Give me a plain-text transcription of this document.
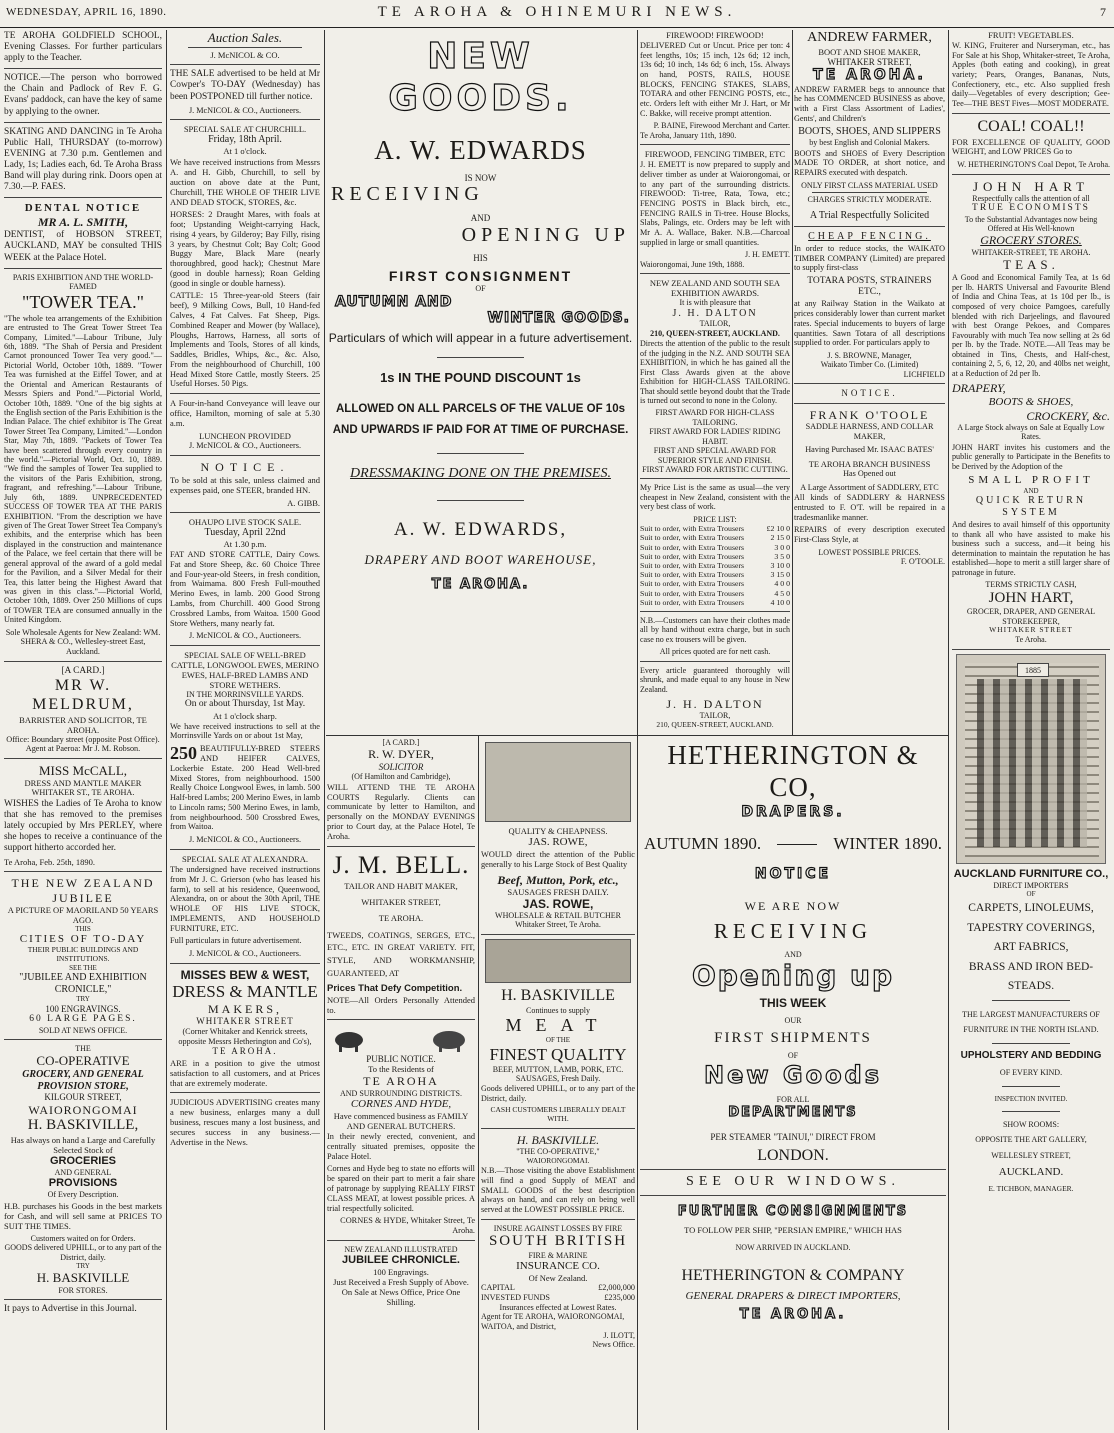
WEDNESDAY, APRIL 16, 1890.	TE AROHA & OHINEMURI NEWS.	7

TE AROHA GOLDFIELD SCHOOL, Evening Classes. For further particulars apply to the Teacher.

NOTICE.—The person who borrowed the Chain and Padlock of Rev F. G. Evans' paddock, can have the key of same by applying to the owner.

SKATING AND DANCING in Te Aroha Public Hall, THURSDAY (to-morrow) EVENING at 7.30 p.m. Gentlemen and Lady, 1s; Ladies each, 6d. Te Aroha Brass Band will play during rink. Doors open at 7.30.—P. FAES.

DENTAL NOTICE
MR A. L. SMITH,

DENTIST, of HOBSON STREET, AUCKLAND, MAY be consulted THIS WEEK at the Palace Hotel.

PARIS EXHIBITION AND THE WORLD-FAMED
"TOWER TEA."

"The whole tea arrangements of the Exhibition are entrusted to The Great Tower Street Tea Company, Limited."—Labour Tribune, July 6th, 1889. "The Shah of Persia and President Carnot pronounced Tower Tea very good."—Pictorial World, October 10th, 1889. "Tower Tea was furnished at the Eiffel Tower, and at the Oriental and American Restaurants of Messrs Spiers and Pond."—Pictorial World, October 10th, 1889. "One of the big sights at the English section of the Paris Exhibition is the Indian Palace. The chief exhibitor is The Great Tower Street Tea Company, Limited."—London Star, May 7th, 1889. "Packets of Tower Tea have been scattered through every country in the world."—Pictorial World, Oct. 10, 1889. "We find the samples of Tower Tea supplied to the visitors of the Paris Exhibition, strong, fragrant, and refreshing."—Labour Tribune, July 6th, 1889. UNPRECEDENTED SUCCESS OF TOWER TEA AT THE PARIS EXHIBITION. "From the description we have given of The Great Tower Street Tea Company's exhibits, and the enterprise which has been displayed in the construction and maintenance of the Palace, we feel certain that there will be general approval of the award of a gold medal for the Pavilion, and a Silver Medal for their Tea, this latter being the Highest Award that was given in this class."—Pictorial World, October 10th, 1889. Over 250 Millions of cups of TOWER TEA are consumed annually in the United Kingdom.

Sole Wholesale Agents for New Zealand: WM. SHERA & CO., Wellesley-street East, Auckland.

[A CARD.]
MR W. MELDRUM,
BARRISTER AND SOLICITOR, TE AROHA.
Office: Boundary street (opposite Post Office).
Agent at Paeroa: Mr J. M. Robson.
MISS McCALL,
DRESS AND MANTLE MAKER
WHITAKER ST., TE AROHA.

WISHES the Ladies of Te Aroha to know that she has removed to the premises lately occupied by Mrs PERLEY, where she hopes to receive a continuance of the support hitherto accorded her.

Te Aroha, Feb. 25th, 1890.
THE NEW ZEALAND JUBILEE
A PICTURE OF MAORILAND 50 YEARS AGO.
THIS
CITIES OF TO-DAY
THEIR PUBLIC BUILDINGS AND INSTITUTIONS.
SEE THE
"JUBILEE AND EXHIBITION CRONICLE,"
TRY
100 ENGRAVINGS.
60 LARGE PAGES.
SOLD AT NEWS OFFICE.
THE
CO-OPERATIVE
GROCERY, AND GENERAL PROVISION STORE,
KILGOUR STREET,
WAIORONGOMAI
H. BASKIVILLE,
Has always on hand a Large and Carefully Selected Stock of
GROCERIES
AND GENERAL
PROVISIONS
Of Every Description.

H.B. purchases his Goods in the best markets for Cash, and will sell same at PRICES TO SUIT THE TIMES.

Customers waited on for Orders.
GOODS delivered UPHILL, or to any part of the District, daily.
TRY
H. BASKIVILLE
FOR STORES.
It pays to Advertise in this Journal.
Auction Sales.
J. McNICOL & CO.

THE SALE advertised to be held at Mr Cowper's TO-DAY (Wednesday) has been POSTPONED till further notice.

J. McNICOL & CO., Auctioneers.
SPECIAL SALE AT CHURCHILL.
Friday, 18th April.
At 1 o'clock.

We have received instructions from Messrs A. and H. Gibb, Churchill, to sell by auction on above date at the Punt, Churchill, THE WHOLE OF THEIR LIVE AND DEAD STOCK, STORES, &c.

HORSES: 2 Draught Mares, with foals at foot; Upstanding Weight-carrying Hack, rising 4 years, by Gilderoy; Bay Filly, rising 3 years, by Chestnut Colt; Bay Colt; Good Buggy Mare, Black Mare (nearly thoroughbred, good hack); Chestnut Mare (good in double harness); Roan Gelding (good in single or double harness).

CATTLE: 15 Three-year-old Steers (fair beef), 9 Milking Cows, Bull, 10 Hand-fed Calves, 4 Fat Calves. Fat Sheep, Pigs. Combined Reaper and Mower (by Wallace), Ploughs, Harrows, Harness, all sorts of Implements and Tools, Stores of all kinds, Saddles, Bridles, Whips, &c., &c. Also, From the neighbourhood of Churchill, 100 Head Mixed Store Cattle, mostly Steers. 25 Useful Horses. 50 Pigs.

A Four-in-hand Conveyance will leave our office, Hamilton, morning of sale at 5.30 a.m.

LUNCHEON PROVIDED
J. McNICOL & CO., Auctioneers.
NOTICE.

To be sold at this sale, unless claimed and expenses paid, one STEER, branded HN.

A. GIBB.
OHAUPO LIVE STOCK SALE.
Tuesday, April 22nd
At 1.30 p.m.

FAT AND STORE CATTLE, Dairy Cows. Fat and Store Sheep, &c. 60 Choice Three and Four-year-old Steers, in fresh condition, from Waimama. 800 Fresh Full-mouthed Merino Ewes, in lamb. 200 Good Strong Lambs, from Churchill. 400 Good Strong Crossbred Lambs, from Waitoa. 1500 Good Store Wethers, many nearly fat.

J. McNICOL & CO., Auctioneers.
SPECIAL SALE OF WELL-BRED CATTLE, LONGWOOL EWES, MERINO EWES, HALF-BRED LAMBS AND STORE WETHERS.
IN THE MORRINSVILLE YARDS.
On or about Thursday, 1st May.
At 1 o'clock sharp.

We have received instructions to sell at the Morrinsville Yards on or about 1st May,

250 BEAUTIFULLY-BRED STEERS AND HEIFER CALVES, Lockerbie Estate. 200 Head Well-bred Mixed Stores, from neighbourhood. 1500 Really Choice Longwool Ewes, in lamb. 500 Half-bred Lambs; 200 Merino Ewes, in lamb to Lincoln rams; 500 Merino Ewes, in lamb, from neighbourhood. 500 Crossbred Ewes, from Waitoa.

J. McNICOL & CO., Auctioneers.
SPECIAL SALE AT ALEXANDRA.

The undersigned have received instructions from Mr J. C. Grierson (who has leased his farm), to sell at his residence, Queenwood, Alexandra, on or about the 30th April, THE WHOLE OF HIS LIVE STOCK, IMPLEMENTS, AND HOUSEHOLD FURNITURE, ETC.

Full particulars in future advertisement.

J. McNICOL & CO., Auctioneers.
MISSES BEW & WEST,
DRESS & MANTLE
MAKERS,
WHITAKER STREET
(Corner Whitaker and Kenrick streets, opposite Messrs Hetherington and Co's),
TE AROHA.

ARE in a position to give the utmost satisfaction to all customers, and at Prices that are extremely moderate.

JUDICIOUS ADVERTISING creates many a new business, enlarges many a dull business, rescues many a lost business, and secures success in any business.—Advertise in the News.

NEW GOODS.
A. W. EDWARDS
IS NOW
RECEIVING
AND
OPENING UP
HIS
FIRST CONSIGNMENT
OF
AUTUMN AND
WINTER GOODS.
Particulars of which will appear in a future advertisement.
1s IN THE POUND DISCOUNT 1s
ALLOWED ON ALL PARCELS OF THE VALUE OF 10s AND UPWARDS IF PAID FOR AT TIME OF PURCHASE.
DRESSMAKING DONE ON THE PREMISES.
A. W. EDWARDS,
DRAPERY AND BOOT WAREHOUSE,
TE AROHA.
[A CARD.]
R. W. DYER,
SOLICITOR
(Of Hamilton and Cambridge),

WILL ATTEND THE TE AROHA COURTS Regularly. Clients can communicate by letter to Hamilton, and personally on the MONDAY EVENINGS prior to Court day, at the Palace Hotel, Te Aroha.

J. M. BELL.
TAILOR AND HABIT MAKER,
WHITAKER STREET,
TE AROHA.

TWEEDS, COATINGS, SERGES, ETC., ETC., ETC. IN GREAT VARIETY. FIT, STYLE, AND WORKMANSHIP, GUARANTEED, AT

Prices That Defy Competition.

NOTE—All Orders Personally Attended to.

PUBLIC NOTICE.
To the Residents of
TE AROHA
AND SURROUNDING DISTRICTS.
CORNES AND HYDE,
Have commenced business as FAMILY AND GENERAL BUTCHERS.

In their newly erected, convenient, and centrally situated premises, opposite the Palace Hotel.

Cornes and Hyde beg to state no efforts will be spared on their part to merit a fair share of patronage by supplying REALLY FIRST CLASS MEAT, at lowest possible prices. A trial respectfully solicited.

CORNES & HYDE, Whitaker Street, Te Aroha.
NEW ZEALAND ILLUSTRATED
JUBILEE CHRONICLE.
100 Engravings.
Just Received a Fresh Supply of Above. On Sale at News Office, Price One Shilling.
QUALITY & CHEAPNESS.
JAS. ROWE,

WOULD direct the attention of the Public generally to his Large Stock of Best Quality

Beef, Mutton, Pork, etc.,
SAUSAGES FRESH DAILY.
JAS. ROWE,
WHOLESALE & RETAIL BUTCHER
Whitaker Street, Te Aroha.
H. BASKIVILLE
Continues to supply
MEAT
OF THE
FINEST QUALITY
BEEF, MUTTON, LAMB, PORK, ETC. SAUSAGES, Fresh Daily.

Goods delivered UPHILL, or to any part of the District, daily.

CASH CUSTOMERS LIBERALLY DEALT WITH.
H. BASKIVILLE.
"THE CO-OPERATIVE,"
WAIORONGOMAI.

N.B.—Those visiting the above Establishment will find a good Supply of MEAT and SMALL GOODS of the best description always on hand, and can rely on being well served at the LOWEST POSSIBLE PRICE.

INSURE AGAINST LOSSES BY FIRE
SOUTH BRITISH
FIRE & MARINE
INSURANCE CO.
Of New Zealand.
CAPITAL	£2,000,000
INVESTED FUNDS	£235,000
Insurances effected at Lowest Rates.
Agent for TE AROHA, WAIORONGOMAI, WAITOA, and District,
J. ILOTT,
News Office.
FIREWOOD! FIREWOOD!

DELIVERED Cut or Uncut. Price per ton: 4 feet lengths, 10s; 15 inch, 12s 6d; 12 inch, 13s 6d; 10 inch, 14s 6d; 6 inch, 15s. Always on hand, POSTS, RAILS, HOUSE BLOCKS, FENCING STAKES, SLABS, TOTARA and other FENCING POSTS, etc., etc. Orders left with either Mr J. Hart, or Mr C. Bakke, will receive prompt attention.

P. BAINE, Firewood Merchant and Carter.
Te Aroha, January 11th, 1890.
FIREWOOD, FENCING TIMBER, ETC

J. H. EMETT is now prepared to supply and deliver timber as under at Waiorongomai, or to any part of the surrounding districts. FIREWOOD: Ti-tree, Rata, Towa, etc.; FENCING POSTS in Black birch, etc., FENCING RAILS in Ti-tree. House Blocks, Slabs, Palings, etc. Orders may be left with Mr A. A. Wallace, Baker. N.B.—Charcoal supplied in large or small quantities.

J. H. EMETT.
Waiorongomai, June 19th, 1888.
NEW ZEALAND AND SOUTH SEA EXHIBITION AWARDS.
It is with pleasure that
J. H. DALTON
TAILOR,
210, QUEEN-STREET, AUCKLAND.

Directs the attention of the public to the result of the judging in the N.Z. AND SOUTH SEA EXHIBITION, in which he has gained all the First Class Awards given at the above Exhibition for HIGH-CLASS TAILORING. That should settle beyond doubt that the Trade is turned out second to none in the Colony.

FIRST AWARD FOR HIGH-CLASS TAILORING.
FIRST AWARD FOR LADIES' RIDING HABIT.
FIRST AND SPECIAL AWARD FOR SUPERIOR STYLE AND FINISH.
FIRST AWARD FOR ARTISTIC CUTTING.

My Price List is the same as usual—the very cheapest in New Zealand, consistent with the very best class of work.

PRICE LIST:
Suit to order, with Extra Trousers	£2 10 0
Suit to order, with Extra Trousers	2 15 0
Suit to order, with Extra Trousers	3 0 0
Suit to order, with Extra Trousers	3 5 0
Suit to order, with Extra Trousers	3 10 0
Suit to order, with Extra Trousers	3 15 0
Suit to order, with Extra Trousers	4 0 0
Suit to order, with Extra Trousers	4 5 0
Suit to order, with Extra Trousers	4 10 0

N.B.—Customers can have their clothes made all by hand without extra charge, but in such case no ex trousers will be given.

All prices quoted are for nett cash.

Every article guaranteed thoroughly will shrunk, and made equal to any house in New Zealand.

J. H. DALTON
TAILOR,
210, QUEEN-STREET, AUCKLAND.
ANDREW FARMER,
BOOT AND SHOE MAKER,
WHITAKER STREET,
TE AROHA.

ANDREW FARMER begs to announce that he has COMMENCED BUSINESS as above, with a First Class Assortment of Ladies', Gents', and Children's

BOOTS, SHOES, AND SLIPPERS
by best English and Colonial Makers.

BOOTS and SHOES of Every Description MADE TO ORDER, at short notice, and REPAIRS executed with despatch.

ONLY FIRST CLASS MATERIAL USED
CHARGES STRICTLY MODERATE.
A Trial Respectfully Solicited
CHEAP FENCING.

In order to reduce stocks, the WAIKATO TIMBER COMPANY (Limited) are prepared to supply first-class

TOTARA POSTS, STRAINERS
ETC.,

at any Railway Station in the Waikato at prices considerably lower than current market rates. Special inducements to buyers of large quantities. Sawn Totara of all descriptions supplied to order. For particulars apply to

J. S. BROWNE, Manager,
Waikato Timber Co. (Limited)
LICHFIELD
NOTICE.
FRANK O'TOOLE
SADDLE HARNESS, AND COLLAR MAKER,
Having Purchased Mr. ISAAC BATES'
TE AROHA BRANCH BUSINESS
Has Opened out
A Large Assortment of SADDLERY, ETC

All kinds of SADDLERY & HARNESS entrusted to F. O'T. will be repaired in a tradesmanlike manner.

REPAIRS of every description executed First-Class Style, at

LOWEST POSSIBLE PRICES.
F. O'TOOLE.
HETHERINGTON & CO,
DRAPERS.
AUTUMN 1890.	WINTER 1890.
NOTICE
WE ARE NOW
RECEIVING
AND
Opening up
THIS WEEK
OUR
FIRST SHIPMENTS
OF
New Goods
FOR ALL
DEPARTMENTS
PER STEAMER "TAINUI," DIRECT FROM
LONDON.
SEE OUR WINDOWS.
FURTHER CONSIGNMENTS
TO FOLLOW PER SHIP, "PERSIAN EMPIRE," WHICH HAS
NOW ARRIVED IN AUCKLAND.
HETHERINGTON & COMPANY
GENERAL DRAPERS & DIRECT IMPORTERS,
TE AROHA.
FRUIT! VEGETABLES.

W. KING, Fruiterer and Nurseryman, etc., has For Sale at his Shop, Whitaker-street, Te Aroha, Apples (both eating and cooking), in great variety; Pears, Oranges, Bananas, Nuts, Confectionery, etc., etc. Also supplied fresh daily—Vegetables of every description; Gee-Tee—THE BEST Fives—MOST MODERATE.

COAL! COAL!!

FOR EXCELLENCE OF QUALITY, GOOD WEIGHT, and LOW PRICES Go to

W. HETHERINGTON'S Coal Depot, Te Aroha.
JOHN HART
Respectfully calls the attention of all
TRUE ECONOMISTS
To the Substantial Advantages now being Offered at His Well-known
GROCERY STORES.
WHITAKER-STREET, TE AROHA.
TEAS.

A Good and Economical Family Tea, at 1s 6d per lb. HARTS Universal and Favourite Blend of India and China Teas, at 1s 10d per lb., is composed of very choice Pamgoes, carefully blended with rich Darjeelings, and flavoured with best Orange Pekoes, and Compares Favourably with much Tea now selling at 2s 6d per lb. by the Trade. NOTE.—All Teas may be obtained in Tins, Chests, and Half-chest, containing 2, 5, 6, 12, 20, and 40lbs net weight, at a Reduction of 2d per lb.

DRAPERY,
BOOTS & SHOES,
CROCKERY, &c.
A Large Stock always on Sale at Equally Low Rates.

JOHN HART invites his customers and the public generally to Participate in the Benefits to be Derived by the Adoption of the

SMALL PROFIT
AND
QUICK RETURN SYSTEM

And desires to avail himself of this opportunity to thank all who have assisted to make his business such a success, and—it being his determination to maintain the reputation he has established—hope to merit a still larger share of patronage in future.

TERMS STRICTLY CASH,
JOHN HART,
GROCER, DRAPER, AND GENERAL STOREKEEPER,
WHITAKER STREET
Te Aroha.
1885
AUCKLAND FURNITURE CO.,
DIRECT IMPORTERS
OF
CARPETS, LINOLEUMS,
TAPESTRY COVERINGS,
ART FABRICS,
BRASS AND IRON BED-
STEADS.
THE LARGEST MANUFACTURERS OF FURNITURE IN THE NORTH ISLAND.
UPHOLSTERY AND BEDDING
OF EVERY KIND.
INSPECTION INVITED.
SHOW ROOMS:
OPPOSITE THE ART GALLERY,
WELLESLEY STREET,
AUCKLAND.
E. TICHBON, MANAGER.
